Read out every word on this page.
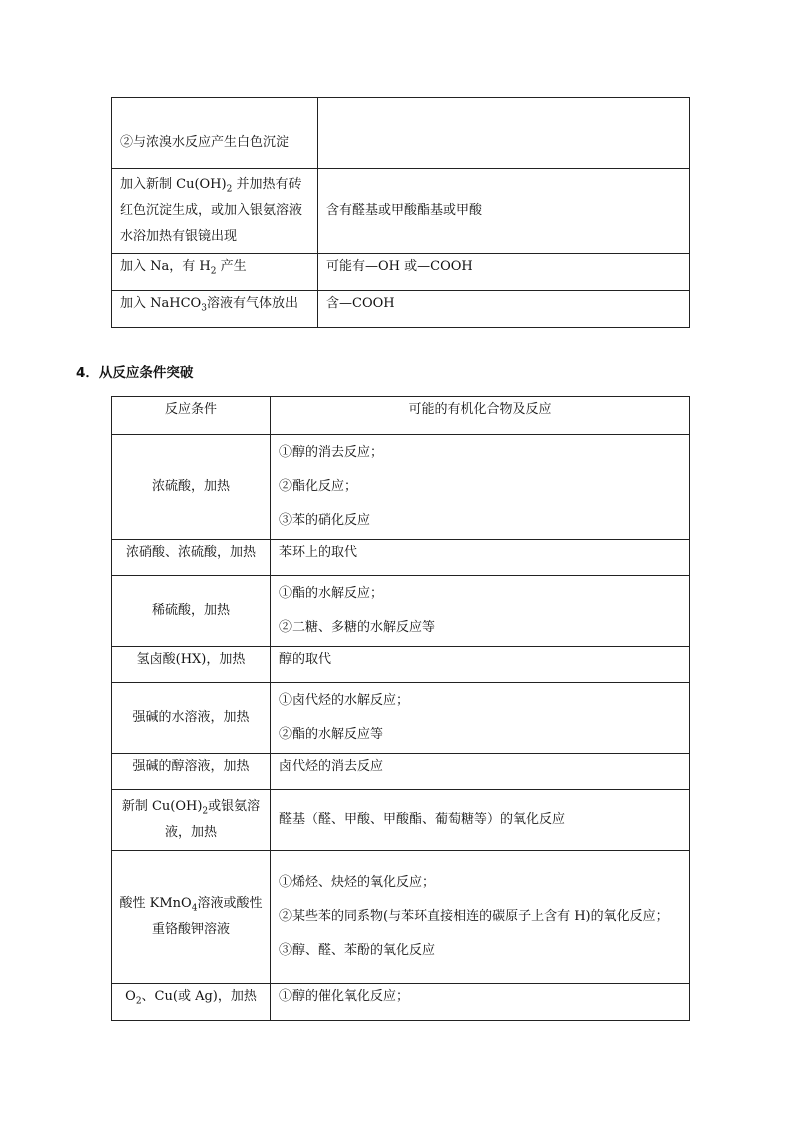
②与浓溴水反应产生白色沉淀	
加入新制 $Cu(OH)_2$ 并加热有砖红色沉淀生成，或加入银氨溶液水浴加热有银镜出现	含有醛基或甲酸酯基或甲酸
加入 Na，有 $H_2$ 产生	可能有—OH 或—COOH
加入 NaHCO$_3$溶液有气体放出	含—COOH
4．从反应条件突破
反应条件	可能的有机化合物及反应
浓硫酸，加热	①醇的消去反应；
②酯化反应；
③苯的硝化反应

浓硝酸、浓硫酸，加热	苯环上的取代
稀硫酸，加热	①酯的水解反应；
②二糖、多糖的水解反应等

氢卤酸(HX)，加热	醇的取代
强碱的水溶液，加热	①卤代烃的水解反应；
②酯的水解反应等

强碱的醇溶液，加热	卤代烃的消去反应
新制 $Cu(OH)_2$或银氨溶液，加热	醛基（醛、甲酸、甲酸酯、葡萄糖等）的氧化反应
酸性 KMnO$_4$溶液或酸性重铬酸钾溶液	①烯烃、炔烃的氧化反应；
②某些苯的同系物(与苯环直接相连的碳原子上含有 H)的氧化反应；
③醇、醛、苯酚的氧化反应

$O_2$、Cu(或 Ag)，加热	①醇的催化氧化反应；
